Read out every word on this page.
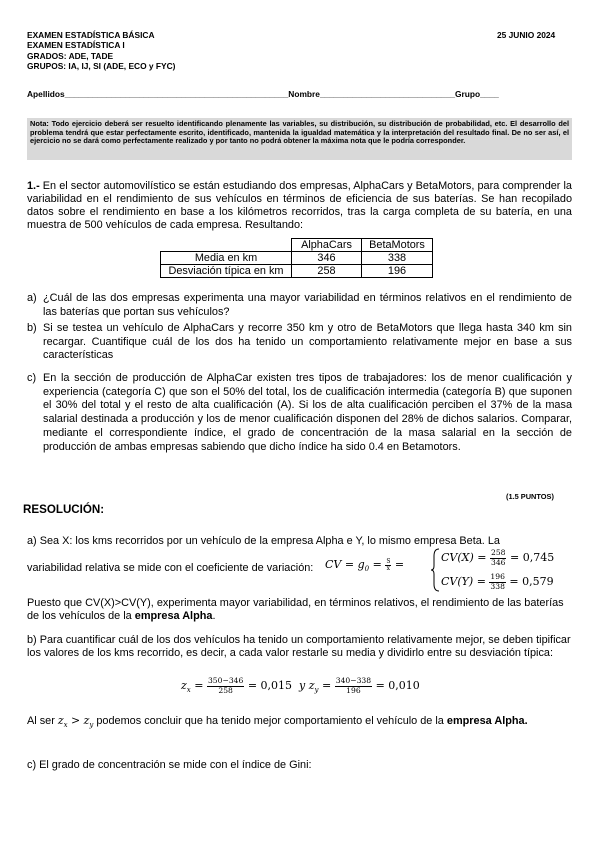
EXAMEN ESTADÍSTICA BÁSICA
EXAMEN ESTADÍSTICA I
GRADOS: ADE, TADE
GRUPOS: IA, IJ, SI (ADE, ECO y FYC)
25 JUNIO 2024
Apellidos________________________________________________Nombre_____________________________Grupo____
Nota: Todo ejercicio deberá ser resuelto identificando plenamente las variables, su distribución, su distribución de probabilidad, etc. El desarrollo del problema tendrá que estar perfectamente escrito, identificado, mantenida la igualdad matemática y la interpretación del resultado final. De no ser así, el ejercicio no se dará como perfectamente realizado y por tanto no podrá obtener la máxima nota que le podría corresponder.
1.- En el sector automovilístico se están estudiando dos empresas, AlphaCars y BetaMotors, para comprender la variabilidad en el rendimiento de sus vehículos en términos de eficiencia de sus baterías. Se han recopilado datos sobre el rendimiento en base a los kilómetros recorridos, tras la carga completa de su batería, en una muestra de 500 vehículos de cada empresa. Resultando:
	AlphaCars	BetaMotors
Media en km	346	338
Desviación típica en km	258	196
a) ¿Cuál de las dos empresas experimenta una mayor variabilidad en términos relativos en el rendimiento de las baterías que portan sus vehículos?
b) Si se testea un vehículo de AlphaCars y recorre 350 km y otro de BetaMotors que llega hasta 340 km sin recargar. Cuantifique cuál de los dos ha tenido un comportamiento relativamente mejor en base a sus características
c) En la sección de producción de AlphaCar existen tres tipos de trabajadores: los de menor cualificación y experiencia (categoría C) que son el 50% del total, los de cualificación intermedia (categoría B) que suponen el 30% del total y el resto de alta cualificación (A). Si los de alta cualificación perciben el 37% de la masa salarial destinada a producción y los de menor cualificación disponen del 28% de dichos salarios. Comparar, mediante el correspondiente índice, el grado de concentración de la masa salarial en la sección de producción de ambas empresas sabiendo que dicho índice ha sido 0.4 en Betamotors.
(1.5 PUNTOS)
RESOLUCIÓN:
a) Sea X: los kms recorridos por un vehículo de la empresa Alpha e Y, lo mismo empresa Beta. La
variabilidad relativa se mide con el coeficiente de variación: CV = $g_0 = \frac{S}{x̄}$ =
$CV(X) = \frac{258}{346} = 0,745$
$CV(Y) = \frac{196}{338} = 0,579$
Puesto que CV(X)>CV(Y), experimenta mayor variabilidad, en términos relativos, el rendimiento de las baterías de los vehículos de la empresa Alpha.
b) Para cuantificar cuál de los dos vehículos ha tenido un comportamiento relativamente mejor, se deben tipificar los valores de los kms recorrido, es decir, a cada valor restarle su media y dividirlo entre su desviación típica:
$z_x = \frac{350-346}{258} = 0,015$  y $z_y = \frac{340-338}{196} = 0,010$
Al ser $z_x > z_y$ podemos concluir que ha tenido mejor comportamiento el vehículo de la empresa Alpha.
c) El grado de concentración se mide con el índice de Gini:
